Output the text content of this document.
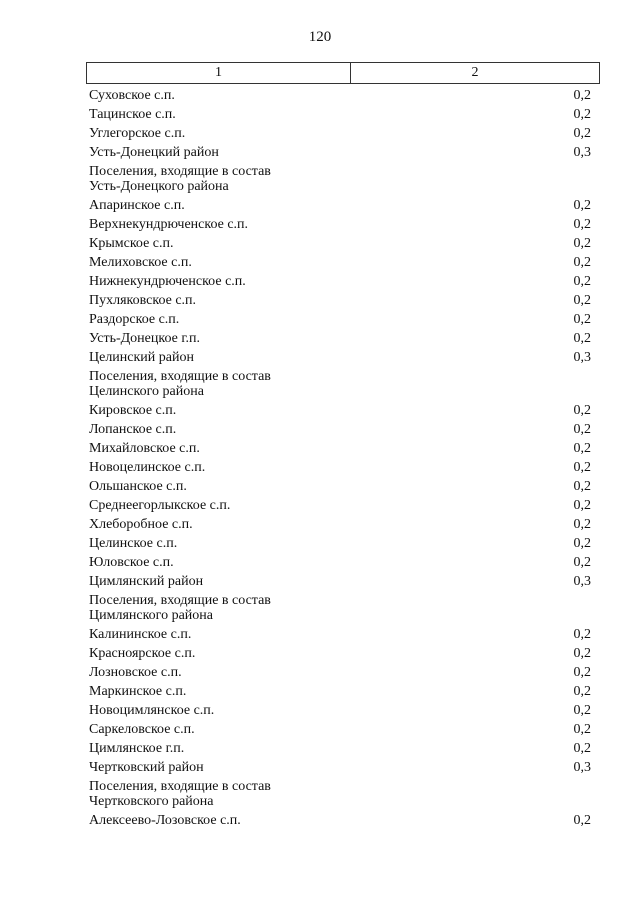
120
1	2
Суховское с.п.	0,2
Тацинское с.п.	0,2
Углегорское с.п.	0,2
Усть-Донецкий район	0,3
Поселения, входящие в состав
Усть-Донецкого района
Апаринское с.п.	0,2
Верхнекундрюченское с.п.	0,2
Крымское с.п.	0,2
Мелиховское с.п.	0,2
Нижнекундрюченское с.п.	0,2
Пухляковское с.п.	0,2
Раздорское с.п.	0,2
Усть-Донецкое г.п.	0,2
Целинский район	0,3
Поселения, входящие в состав
Целинского района
Кировское с.п.	0,2
Лопанское с.п.	0,2
Михайловское с.п.	0,2
Новоцелинское с.п.	0,2
Ольшанское с.п.	0,2
Среднеегорлыкское с.п.	0,2
Хлеборобное с.п.	0,2
Целинское с.п.	0,2
Юловское с.п.	0,2
Цимлянский район	0,3
Поселения, входящие в состав
Цимлянского района
Калининское с.п.	0,2
Красноярское с.п.	0,2
Лозновское с.п.	0,2
Маркинское с.п.	0,2
Новоцимлянское с.п.	0,2
Саркеловское с.п.	0,2
Цимлянское г.п.	0,2
Чертковский район	0,3
Поселения, входящие в состав
Чертковского района
Алексеево-Лозовское с.п.	0,2
